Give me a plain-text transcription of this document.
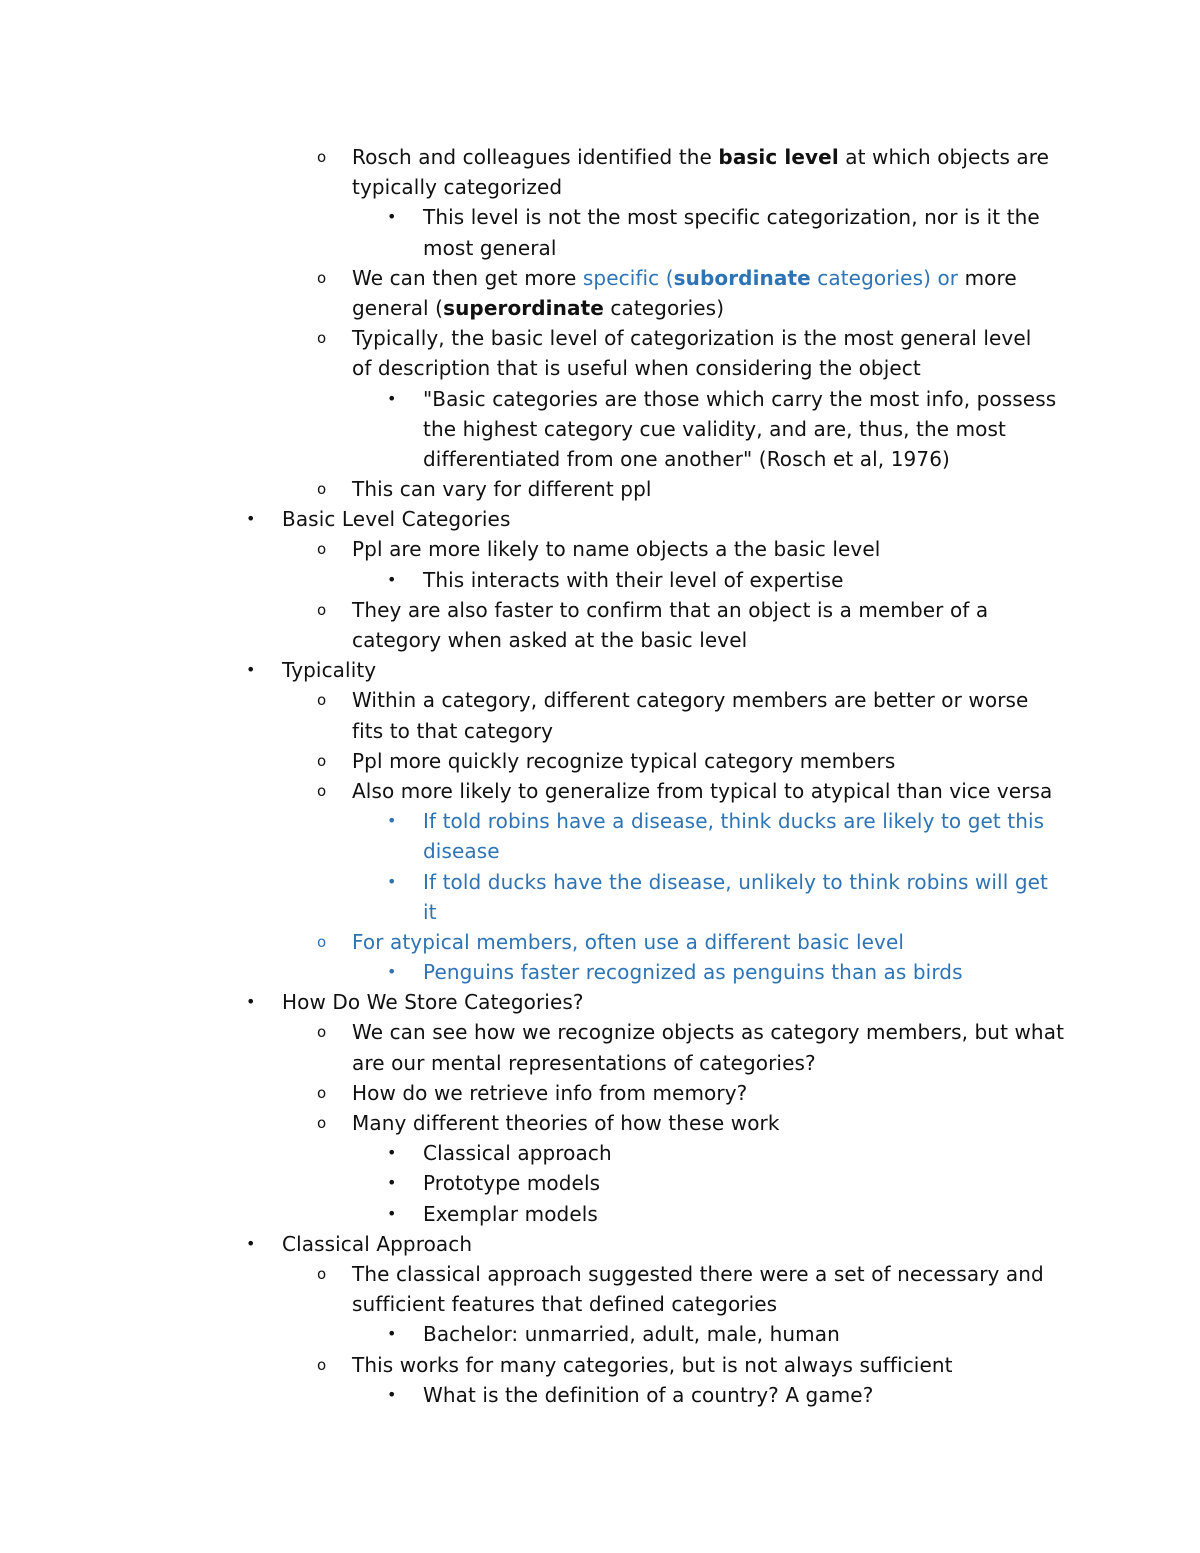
o Rosch and colleagues identified the basic level at which objects are
typically categorized
• This level is not the most specific categorization, nor is it the
most general
o We can then get more specific (subordinate categories) or more
general (superordinate categories)
o Typically, the basic level of categorization is the most general level
of description that is useful when considering the object
• "Basic categories are those which carry the most info, possess
the highest category cue validity, and are, thus, the most
differentiated from one another" (Rosch et al, 1976)
o This can vary for different ppl
• Basic Level Categories
o Ppl are more likely to name objects a the basic level
• This interacts with their level of expertise
o They are also faster to confirm that an object is a member of a
category when asked at the basic level
• Typicality
o Within a category, different category members are better or worse
fits to that category
o Ppl more quickly recognize typical category members
o Also more likely to generalize from typical to atypical than vice versa
• If told robins have a disease, think ducks are likely to get this
disease
• If told ducks have the disease, unlikely to think robins will get
it
o For atypical members, often use a different basic level
• Penguins faster recognized as penguins than as birds
• How Do We Store Categories?
o We can see how we recognize objects as category members, but what
are our mental representations of categories?
o How do we retrieve info from memory?
o Many different theories of how these work
• Classical approach
• Prototype models
• Exemplar models
• Classical Approach
o The classical approach suggested there were a set of necessary and
sufficient features that defined categories
• Bachelor: unmarried, adult, male, human
o This works for many categories, but is not always sufficient
• What is the definition of a country? A game?
